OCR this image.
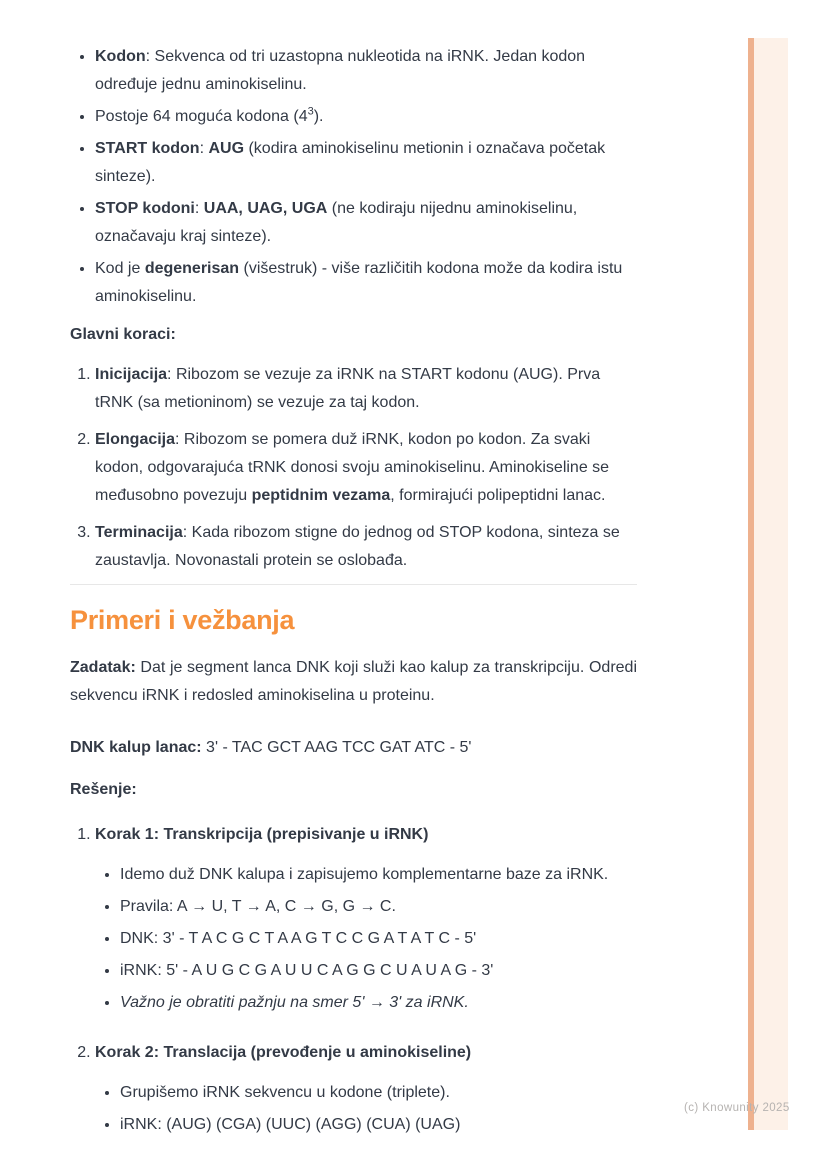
• Kodon: Sekvenca od tri uzastopna nukleotida na iRNK. Jedan kodon određuje jednu aminokiselinu.
• Postoje 64 moguća kodona $(4^3)$.
• START kodon: AUG (kodira aminokiselinu metionin i označava početak sinteze).
• STOP kodoni: UAA, UAG, UGA (ne kodiraju nijednu aminokiselinu, označavaju kraj sinteze).
• Kod je degenerisan (višestruk) - više različitih kodona može da kodira istu aminokiselinu.

Glavni koraci:

1. Inicijacija: Ribozom se vezuje za iRNK na START kodonu (AUG). Prva tRNK (sa metioninom) se vezuje za taj kodon.
2. Elongacija: Ribozom se pomera duž iRNK, kodon po kodon. Za svaki kodon, odgovarajuća tRNK donosi svoju aminokiselinu. Aminokiseline se međusobno povezuju peptidnim vezama, formirajući polipeptidni lanac.
3. Terminacija: Kada ribozom stigne do jednog od STOP kodona, sinteza se zaustavlja. Novonastali protein se oslobađa.
Primeri i vežbanja

Zadatak: Dat je segment lanca DNK koji služi kao kalup za transkripciju. Odredi sekvencu iRNK i redosled aminokiselina u proteinu.

DNK kalup lanac: 3' - TAC GCT AAG TCC GAT ATC - 5'

Rešenje:

1. Korak 1: Transkripcija (prepisivanje u iRNK)
• Idemo duž DNK kalupa i zapisujemo komplementarne baze za iRNK.
• Pravila: A → U, T → A, C → G, G → C.
• DNK: 3' - T A C G C T A A G T C C G A T A T C - 5'
• iRNK: 5' - A U G C G A U U C A G G C U A U A G - 3'
• Važno je obratiti pažnju na smer 5' → 3' za iRNK.
2. Korak 2: Translacija (prevođenje u aminokiseline)
• Grupišemo iRNK sekvencu u kodone (triplete).
• iRNK: (AUG) (CGA) (UUC) (AGG) (CUA) (UAG)
(c) Knowunity 2025
